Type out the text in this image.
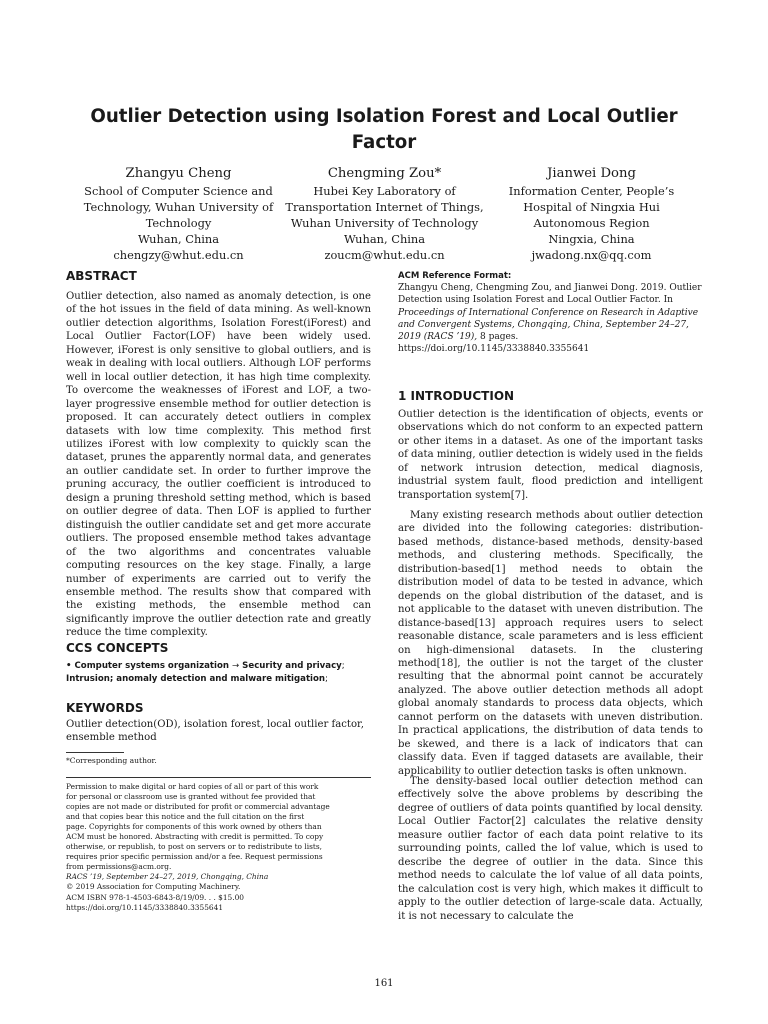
Outlier Detection using Isolation Forest and Local Outlier Factor
Zhangyu Cheng
School of Computer Science and
Technology, Wuhan University of
Technology
Wuhan, China
chengzy@whut.edu.cn
Chengming Zou*
Hubei Key Laboratory of
Transportation Internet of Things,
Wuhan University of Technology
Wuhan, China
zoucm@whut.edu.cn
Jianwei Dong
Information Center, People’s
Hospital of Ningxia Hui
Autonomous Region
Ningxia, China
jwadong.nx@qq.com
ABSTRACT

Outlier detection, also named as anomaly detection, is one of the hot issues in the field of data mining. As well-known outlier detection algorithms, Isolation Forest(iForest) and Local Outlier Factor(LOF) have been widely used. However, iForest is only sensitive to global outliers, and is weak in dealing with local outliers. Although LOF performs well in local outlier detection, it has high time complexity. To overcome the weaknesses of iForest and LOF, a two-layer progressive ensemble method for outlier detection is proposed. It can accurately detect outliers in complex datasets with low time complexity. This method first utilizes iForest with low complexity to quickly scan the dataset, prunes the apparently normal data, and generates an outlier candidate set. In order to further improve the pruning accuracy, the outlier coefficient is introduced to design a pruning threshold setting method, which is based on outlier degree of data. Then LOF is applied to further distinguish the outlier candidate set and get more accurate outliers. The proposed ensemble method takes advantage of the two algorithms and concentrates valuable computing resources on the key stage. Finally, a large number of experiments are carried out to verify the ensemble method. The results show that compared with the existing methods, the ensemble method can significantly improve the outlier detection rate and greatly reduce the time complexity.

CCS CONCEPTS
• Computer systems organization → Security and privacy;
Intrusion; anomaly detection and malware mitigation;
KEYWORDS

Outlier detection(OD), isolation forest, local outlier factor, ensemble method

*Corresponding author.
Permission to make digital or hard copies of all or part of this work
for personal or classroom use is granted without fee provided that
copies are not made or distributed for profit or commercial advantage
and that copies bear this notice and the full citation on the first
page. Copyrights for components of this work owned by others than
ACM must be honored. Abstracting with credit is permitted. To copy
otherwise, or republish, to post on servers or to redistribute to lists,
requires prior specific permission and/or a fee. Request permissions
from permissions@acm.org.
RACS ’19, September 24–27, 2019, Chongqing, China
© 2019 Association for Computing Machinery.
ACM ISBN 978-1-4503-6843-8/19/09. . . $15.00
https://doi.org/10.1145/3338840.3355641
ACM Reference Format:
Zhangyu Cheng, Chengming Zou, and Jianwei Dong. 2019. Outlier
Detection using Isolation Forest and Local Outlier Factor. In
Proceedings of International Conference on Research in Adaptive
and Convergent Systems, Chongqing, China, September 24–27,
2019 (RACS ’19), 8 pages.
https://doi.org/10.1145/3338840.3355641
1 INTRODUCTION

Outlier detection is the identification of objects, events or observations which do not conform to an expected pattern or other items in a dataset. As one of the important tasks of data mining, outlier detection is widely used in the fields of network intrusion detection, medical diagnosis, industrial system fault, flood prediction and intelligent transportation system[7].

Many existing research methods about outlier detection are divided into the following categories: distribution-based methods, distance-based methods, density-based methods, and clustering methods. Specifically, the distribution-based[1] method needs to obtain the distribution model of data to be tested in advance, which depends on the global distribution of the dataset, and is not applicable to the dataset with uneven distribution. The distance-based[13] approach requires users to select reasonable distance, scale parameters and is less efficient on high-dimensional datasets. In the clustering method[18], the outlier is not the target of the cluster resulting that the abnormal point cannot be accurately analyzed. The above outlier detection methods all adopt global anomaly standards to process data objects, which cannot perform on the datasets with uneven distribution. In practical applications, the distribution of data tends to be skewed, and there is a lack of indicators that can classify data. Even if tagged datasets are available, their applicability to outlier detection tasks is often unknown.

The density-based local outlier detection method can effectively solve the above problems by describing the degree of outliers of data points quantified by local density. Local Outlier Factor[2] calculates the relative density measure outlier factor of each data point relative to its surrounding points, called the lof value, which is used to describe the degree of outlier in the data. Since this method needs to calculate the lof value of all data points, the calculation cost is very high, which makes it difficult to apply to the outlier detection of large-scale data. Actually, it is not necessary to calculate the

161
